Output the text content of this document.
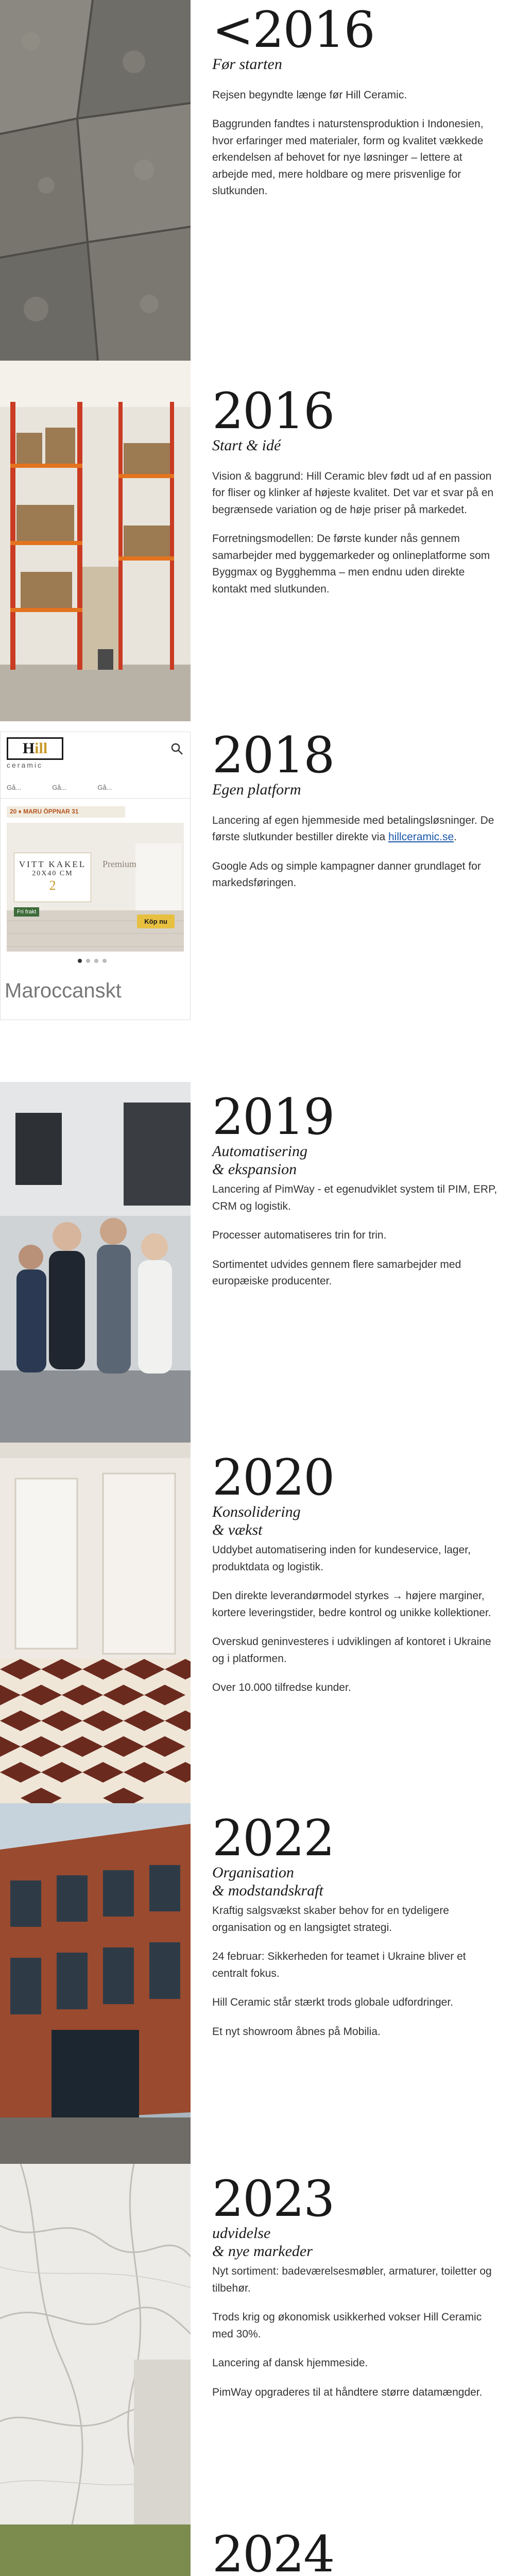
<2016
Før starten

Rejsen begyndte længe før Hill Ceramic.

Baggrunden fandtes i naturstensproduktion i Indonesien, hvor erfaringer med materialer, form og kvalitet vækkede erkendelsen af behovet for nye løsninger – lettere at arbejde med, mere holdbare og mere prisvenlige for slutkunden.

2016
Start & idé

Vision & baggrund: Hill Ceramic blev født ud af en passion for fliser og klinker af højeste kvalitet. Det var et svar på en begrænsede variation og de høje priser på markedet.

Forretningsmodellen: De første kunder nås gennem samarbejder med byggemarkeder og onlineplatforme som Byggmax og Bygghemma – men endnu uden direkte kontakt med slutkunden.

Hill
ceramic
Gå...	Gå...	Gå...
20 ♦ MARU ÖPPNAR 31
VITT KAKEL
20X40 CM
2
Premium
Köp nu
Fri frakt
Maroccanskt
2018
Egen platform

Lancering af egen hjemmeside med betalingsløsninger. De første slutkunder bestiller direkte via hillceramic.se.

Google Ads og simple kampagner danner grundlaget for markedsføringen.

2019
Automatisering
& ekspansion

Lancering af PimWay - et egenudviklet system til PIM, ERP, CRM og logistik.

Processer automatiseres trin for trin.

Sortimentet udvides gennem flere samarbejder med europæiske producenter.

2020
Konsolidering
& vækst

Uddybet automatisering inden for kundeservice, lager, produktdata og logistik.

Den direkte leverandørmodel styrkes → højere marginer, kortere leveringstider, bedre kontrol og unikke kollektioner.

Overskud geninvesteres i udviklingen af kontoret i Ukraine og i platformen.

Over 10.000 tilfredse kunder.

2022
Organisation
& modstandskraft

Kraftig salgsvækst skaber behov for en tydeligere organisation og en langsigtet strategi.

24 februar: Sikkerheden for teamet i Ukraine bliver et centralt fokus.

Hill Ceramic står stærkt trods globale udfordringer.

Et nyt showroom åbnes på Mobilia.

2023
udvidelse
& nye markeder

Nyt sortiment: badeværelsesmøbler, armaturer, toiletter og tilbehør.

Trods krig og økonomisk usikkerhed vokser Hill Ceramic med 30%.

Lancering af dansk hjemmeside.

PimWay opgraderes til at håndtere større datamængder.

2024
